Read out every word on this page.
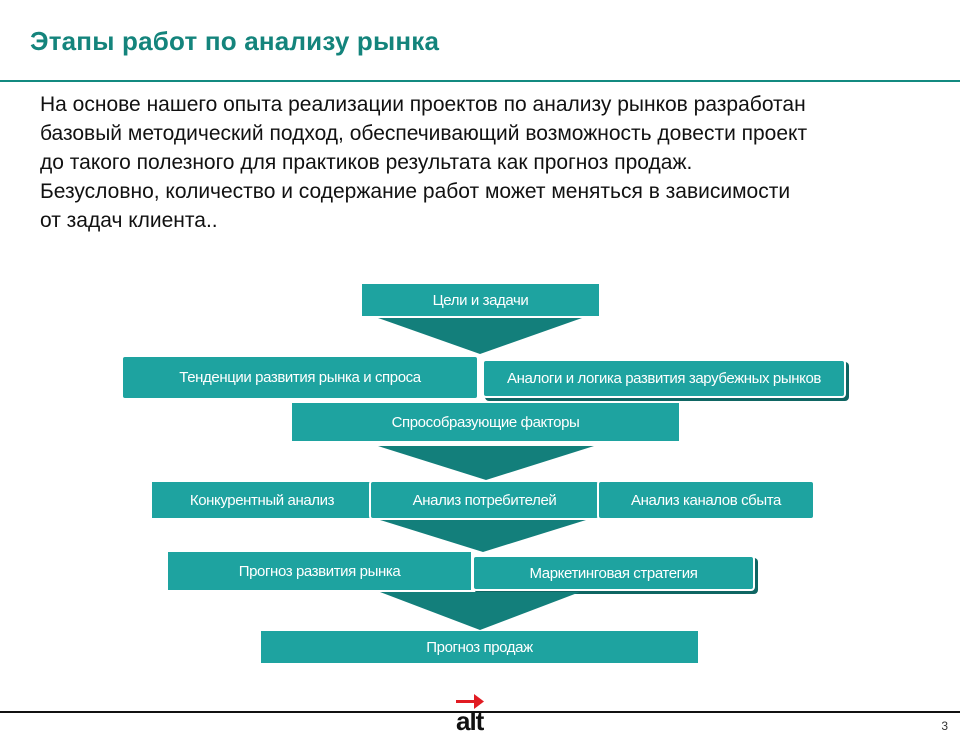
Этапы работ по анализу рынка
На основе нашего опыта реализации проектов по анализу рынков разработан
базовый методический подход, обеспечивающий возможность довести проект
до такого полезного для практиков результата как прогноз продаж.
Безусловно, количество и содержание работ может меняться в зависимости
от задач клиента..
Цели и задачи
Тенденции развития рынка и спроса	Аналоги и логика развития зарубежных рынков
Спрособразующие факторы
Конкурентный анализ	Анализ потребителей	Анализ каналов сбыта
Прогноз развития рынка	Маркетинговая стратегия
Прогноз продаж
alt	3
